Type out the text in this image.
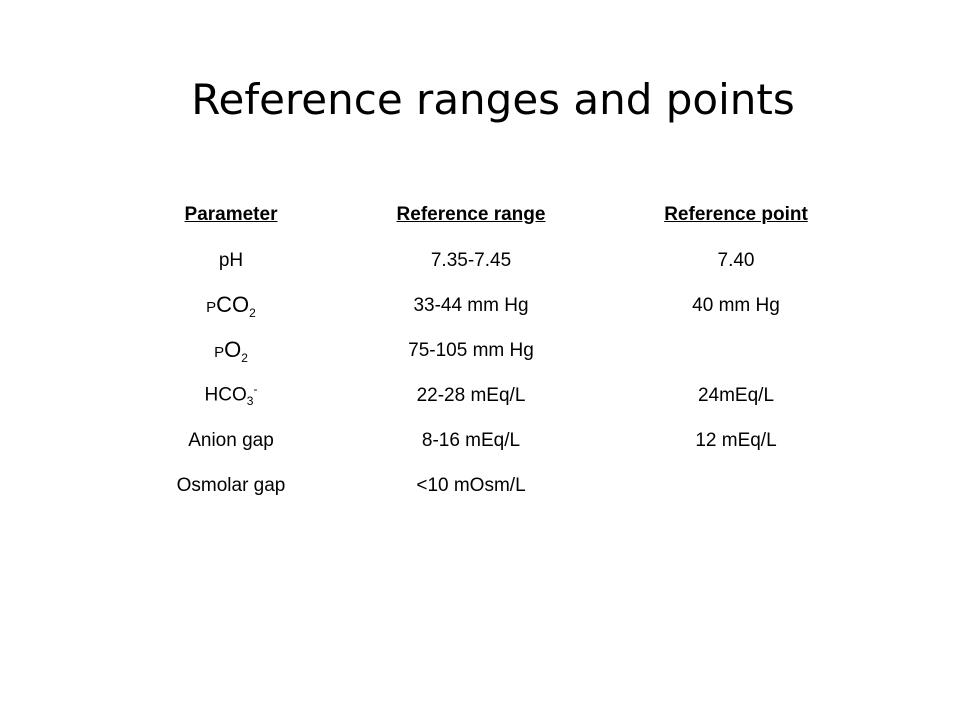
Reference ranges and points
Parameter	Reference range	Reference point
pH	7.35-7.45	7.40
$PCO_2$	33-44 mm Hg	40 mm Hg
$PO_2$	75-105 mm Hg	
$HCO_3^-$	22-28 mEq/L	24mEq/L
Anion gap	8-16 mEq/L	12 mEq/L
Osmolar gap	<10 mOsm/L	
